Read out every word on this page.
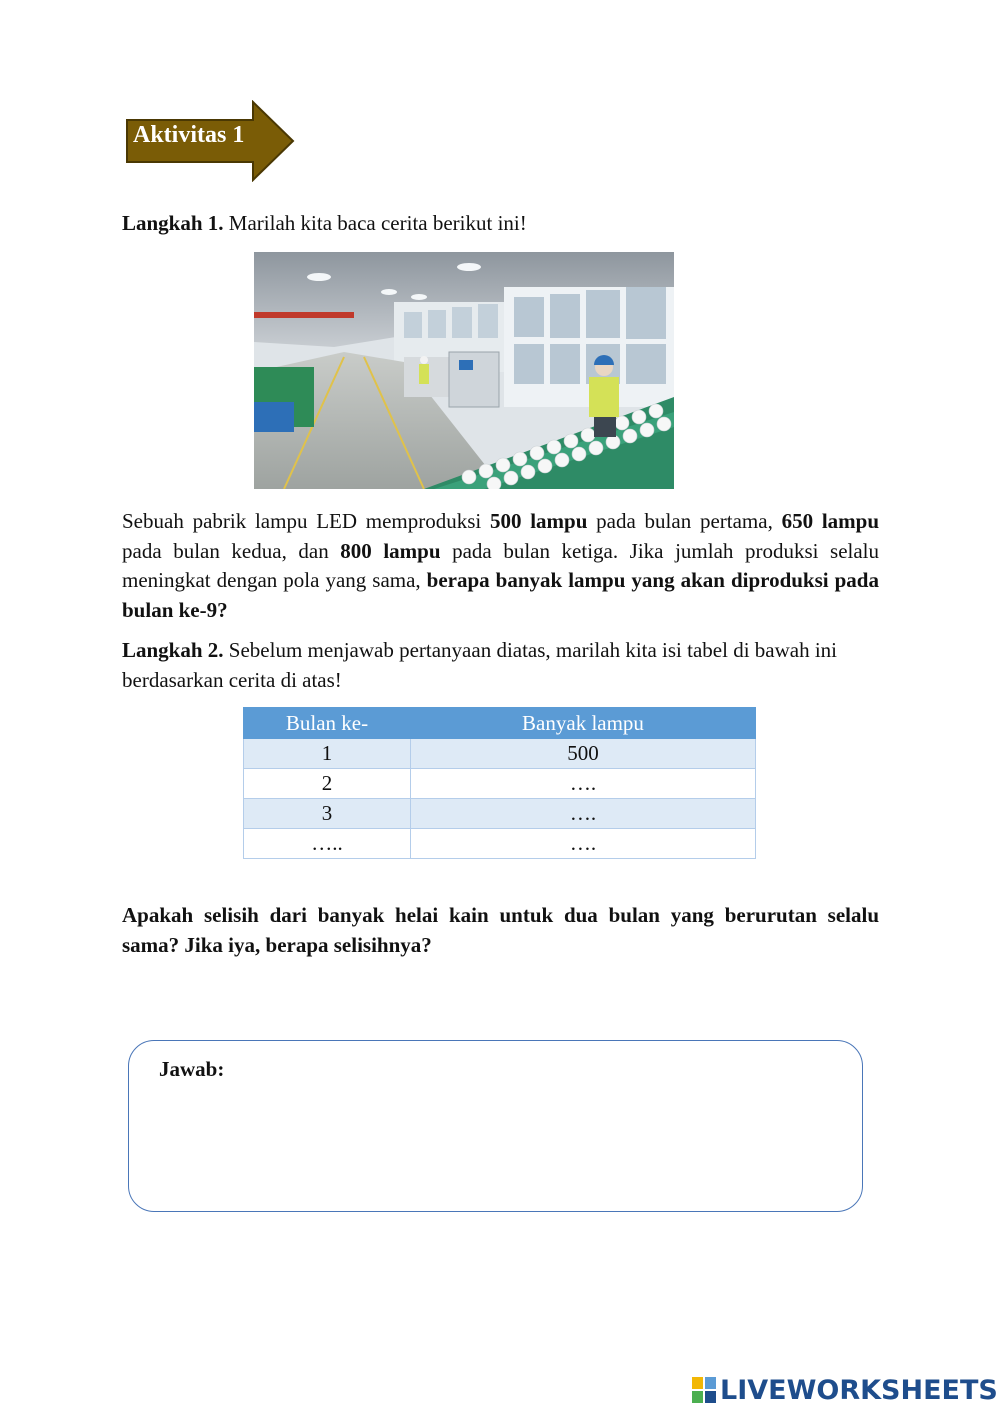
Aktivitas 1
Langkah 1. Marilah kita baca cerita berikut ini!

Sebuah pabrik lampu LED memproduksi 500 lampu pada bulan pertama, 650 lampu pada bulan kedua, dan 800 lampu pada bulan ketiga. Jika jumlah produksi selalu meningkat dengan pola yang sama, berapa banyak lampu yang akan diproduksi pada bulan ke-9?

Langkah 2. Sebelum menjawab pertanyaan diatas, marilah kita isi tabel di bawah ini berdasarkan cerita di atas!

Bulan ke-	Banyak lampu
1	500
2	….
3	….
…..	….

Apakah selisih dari banyak helai kain untuk dua bulan yang berurutan selalu sama? Jika iya, berapa selisihnya?

Jawab:
LIVEWORKSHEETS
